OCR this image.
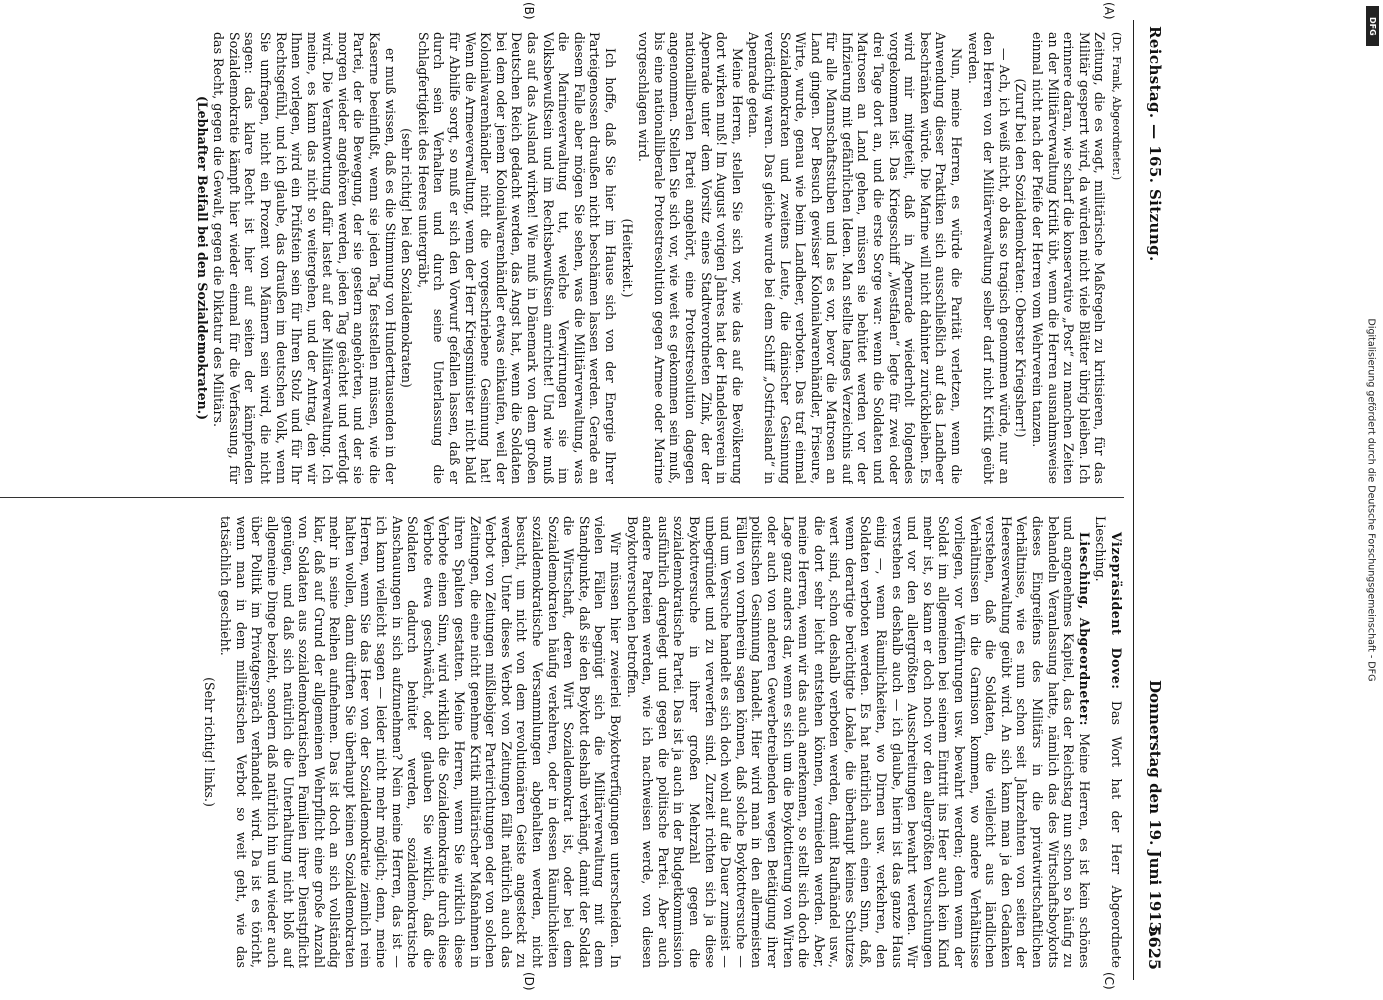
Reichstag. — 165. Sitzung.
Donnerstag den 19. Juni 1913.
5625

(Dr. Frank, Abgeordneter.)

Zeitung, die es wagt, militärische Maßregeln zu kritisieren, für das Militär gesperrt wird, da würden nicht viele Blätter übrig bleiben. Ich erinnere daran, wie scharf die konservative „Post“ zu manchen Zeiten an der Militärverwaltung Kritik übt, wenn die Herren ausnahmsweise einmal nicht nach der Pfeife der Herren vom Wehrverein tanzen.

(Zuruf bei den Sozialdemokraten: Oberster Kriegsherr!)

— Ach, ich weiß nicht, ob das so tragisch genommen würde, nur an den Herren von der Militärverwaltung selber darf nicht Kritik geübt werden.

Nun, meine Herren, es würde die Parität verletzen, wenn die Anwendung dieser Praktiken sich ausschließlich auf das Landheer beschränken würde. Die Marine will nicht dahinter zurückbleiben. Es wird mir mitgeteilt, daß in Apenrade wiederholt folgendes vorgekommen ist. Das Kriegsschiff „Westfalen“ legte für zwei oder drei Tage dort an, und die erste Sorge war: wenn die Soldaten und Matrosen an Land gehen, müssen sie behütet werden vor der Infizierung mit gefährlichen Ideen. Man stellte langes Verzeichnis auf für alle Mannschaftsstuben und las es vor, bevor die Matrosen an Land gingen. Der Besuch gewisser Kolonialwarenhändler, Friseure, Wirte, wurde, genau wie beim Landheer, verboten. Das traf einmal Sozialdemokraten und zweitens Leute, die dänischer Gesinnung verdächtig waren. Das gleiche wurde bei dem Schiff „Ostfriesland“ in Apenrade getan.

Meine Herren, stellen Sie sich vor, wie das auf die Bevölkerung dort wirken muß! Im August vorigen Jahres hat der Handelsverein in Apenrade unter dem Vorsitz eines Stadtverordneten Zink, der der nationalliberalen Partei angehört, eine Protestresolution dagegen angenommen. Stellen Sie sich vor, wie weit es gekommen sein muß, bis eine nationalliberale Protestresolution gegen Armee oder Marine vorgeschlagen wird.

(Heiterkeit.)

Ich hoffe, daß Sie hier im Hause sich von der Energie Ihrer Parteigenossen draußen nicht beschämen lassen werden. Gerade an diesem Falle aber mögen Sie sehen, was die Militärverwaltung, was die Marineverwaltung tut, welche Verwirrungen sie im Volksbewußtsein und im Rechtsbewußtsein anrichtet! Und wie muß das auf das Ausland wirken! Wie muß in Dänemark von dem großen Deutschen Reich gedacht werden, das Angst hat, wenn die Soldaten bei dem oder jenem Kolonialwarenhändler etwas einkaufen, weil der Kolonialwarenhändler nicht die vorgeschriebene Gesinnung hat! Wenn die Armeeverwaltung, wenn der Herr Kriegsminister nicht bald für Abhilfe sorgt, so muß er sich den Vorwurf gefallen lassen, daß er durch sein Verhalten und durch seine Unterlassung die Schlagfertigkeit des Heeres untergräbt,

(sehr richtig! bei den Sozialdemokraten)

er muß wissen, daß es die Stimmung von Hunderttausenden in der Kaserne beeinflußt, wenn sie jeden Tag feststellen müssen, wie die Partei, der die Bewegung, der sie gestern angehörten, und der sie morgen wieder angehören werden, jeden Tag geächtet und verfolgt wird. Die Verantwortung dafür lastet auf der Militärverwaltung. Ich meine, es kann das nicht so weitergehen, und der Antrag, den wir Ihnen vorlegen, wird ein Prüfstein sein für Ihren Stolz und für Ihr Rechtsgefühl, und ich glaube, das draußen im deutschen Volk, wenn Sie umfragen, nicht ein Prozent von Männern sein wird, die nicht sagen: das klare Recht ist hier auf seiten der kämpfenden Sozialdemokratie kämpft hier wieder einmal für die Verfassung, für das Recht, gegen die Gewalt, gegen die Diktatur des Militärs.

(Lebhafter Beifall bei den Sozialdemokraten.)

Vizepräsident Dove: Das Wort hat der Herr Abgeordnete Liesching.

Liesching, Abgeordneter: Meine Herren, es ist kein schönes und angenehmes Kapitel, das der Reichstag nun schon so häufig zu behandeln Veranlassung hatte, nämlich das des Wirtschaftsboykotts dieses Eingreifens des Militärs in die privatwirtschaftlichen Verhältnisse, wie es nun schon seit Jahrzehnten von seiten der Heeresverwaltung geübt wird. An sich kann man ja den Gedanken verstehen, daß die Soldaten, die vielleicht aus ländlichen Verhältnissen in die Garnison kommen, wo andere Verhältnisse vorliegen, vor Verführungen usw. bewahrt werden; denn wenn der Soldat im allgemeinen bei seinem Eintritt ins Heer auch kein Kind mehr ist, so kann er doch noch vor den allergrößten Versuchungen und vor den allergrößten Ausschreitungen bewahrt werden. Wir verstehen es deshalb auch — ich glaube, hierin ist das ganze Haus einig —, wenn Räumlichkeiten, wo Dirnen usw. verkehren, den Soldaten verboten werden. Es hat natürlich auch einen Sinn, daß, wenn derartige berüchtigte Lokale, die überhaupt keines Schutzes wert sind, schon deshalb verboten werden, damit Raufhändel usw., die dort sehr leicht entstehen können, vermieden werden. Aber, meine Herren, wenn wir das auch anerkennen, so stellt sich doch die Lage ganz anders dar, wenn es sich um die Boykottierung von Wirten oder auch von anderen Gewerbetreibenden wegen Betätigung ihrer politischen Gesinnung handelt. Hier wird man in den allermeisten Fällen von vornherein sagen können, daß solche Boykottversuche — und um Versuche handelt es sich doch wohl auf die Dauer zumeist — unbegründet und zu verwerfen sind. Zurzeit richten sich ja diese Boykottversuche in ihrer großen Mehrzahl gegen die sozialdemokratische Partei. Das ist ja auch in der Budgetkommission ausführlich dargelegt und gegen die politische Partei. Aber auch andere Parteien werden, wie ich nachweisen werde, von diesen Boykottversuchen betroffen.

Wir müssen hier zweierlei Boykottverfügungen unterscheiden. In vielen Fällen begnügt sich die Militärverwaltung mit dem Standpunkte, daß sie den Boykott deshalb verhängt, damit der Soldat die Wirtschaft, deren Wirt Sozialdemokrat ist, oder bei dem Sozialdemokraten häufig verkehren, oder in dessen Räumlichkeiten sozialdemokratische Versammlungen abgehalten werden, nicht besucht, um nicht von dem revolutionären Geiste angesteckt zu werden. Unter dieses Verbot von Zeitungen fällt natürlich auch das Verbot von Zeitungen mißliebiger Parteirichtungen oder von solchen Zeitungen, die eine nicht genehme Kritik militärischer Maßnahmen in ihren Spalten gestatten. Meine Herren, wenn Sie wirklich diese Verbote einen Sinn, wird wirklich die Sozialdemokratie durch diese Verbote etwa geschwächt, oder glauben Sie wirklich, daß die Soldaten dadurch behütet werden, sozialdemokratische Anschauungen in sich aufzunehmen? Nein meine Herren, das ist — ich kann vielleicht sagen — leider nicht mehr möglich; denn, meine Herren, wenn Sie das Heer von der Sozialdemokratie ziemlich rein halten wollen, dann dürften Sie überhaupt keinen Sozialdemokraten mehr in seine Reihen aufnehmen. Das ist doch an sich vollständig klar, daß auf Grund der allgemeinen Wehrpflicht eine große Anzahl von Soldaten aus sozialdemokratischen Familien ihrer Dienstpflicht genügen, und daß sich natürlich die Unterhaltung nicht bloß auf allgemeine Dinge bezieht, sondern daß natürlich hin und wieder auch über Politik im Privatgespräch verhandelt wird. Da ist es töricht, wenn man in dem militärischen Verbot so weit geht, wie das tatsächlich geschieht.

(Sehr richtig! links.)

(A)
(B)
(C)
(D)
DFG
Digitalisierung gefördert durch die Deutsche Forschungsgemeinschaft - DFG
